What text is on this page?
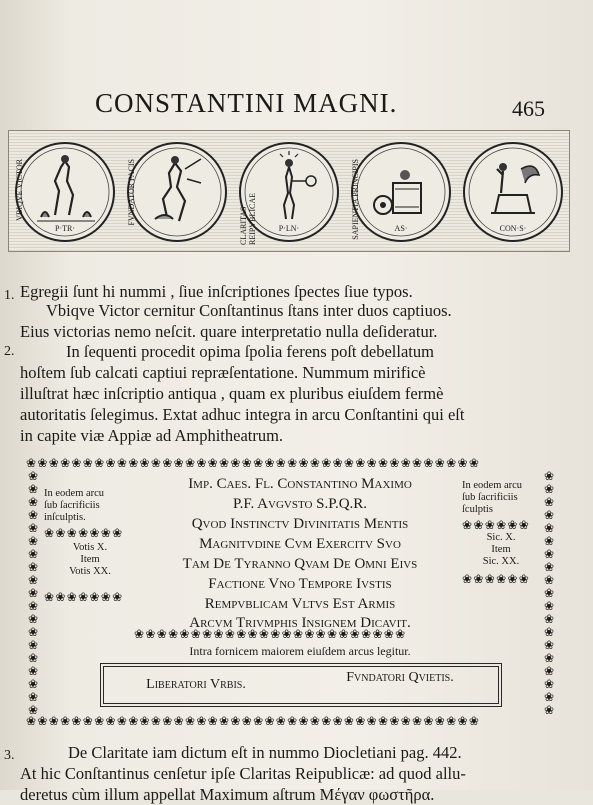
CONSTANTINI MAGNI.	465
VBIQVE VICTOR
P·TR·
FVNDATOR PACIS
CLARITAS REIPVBLICAE	P·LN·	SAPIENTIA PRINCIPIS	AS·	CON·S·
1. Egregii ſunt hi nummi , ſiue inſcriptiones ſpectes ſiue typos.
Vbiqve Victor cernitur Conſtantinus ſtans inter duos captiuos.
Eius victorias nemo neſcit. quare interpretatio nulla deſideratur.
2.	In ſequenti procedit opima ſpolia ferens poſt debellatum
hoſtem ſub calcati captiui repræſentatione. Nummum mirificè
illuſtrat hæc inſcriptio antiqua , quam ex pluribus eiuſdem fermè
autoritatis ſelegimus. Extat adhuc integra in arcu Conſtantini qui eſt
in capite viæ Appiæ ad Amphitheatrum.
❀❀❀❀❀❀❀❀❀❀❀❀❀❀❀❀❀❀❀❀❀❀❀❀❀❀❀❀❀❀❀❀❀❀❀❀❀❀❀❀
❀
❀
❀
❀
❀
❀
❀
❀
❀
❀
❀
❀
❀
❀
❀
❀
❀
❀
❀
❀
❀
❀
❀
❀
❀
❀
❀
❀
❀
❀
❀
❀
❀
❀
❀
❀
❀
❀
❀❀❀❀❀❀❀❀❀❀❀❀❀❀❀❀❀❀❀❀❀❀❀❀❀❀❀❀❀❀❀❀❀❀❀❀❀❀❀❀
❀❀❀❀❀❀❀❀❀❀❀❀❀❀❀❀❀❀❀❀❀❀❀❀
In eodem arcu
ſub ſacrificiis
inſculptis.
❀❀❀❀❀❀❀
Votis X.
Item
Votis XX.
❀❀❀❀❀❀❀
In eodem arcu
ſub ſacrificiis
ſculptis
❀❀❀❀❀❀
Sic. X.
Item
Sic. XX.
❀❀❀❀❀❀
Imp. Caes. Fl. Constantino Maximo
P.F. Avgvsto S.P.Q.R.
Qvod Instinctv Divinitatis Mentis
Magnitvdine Cvm Exercitv Svo
Tam De Tyranno Qvam De Omni Eivs
Factione Vno Tempore Ivstis
Rempvblicam Vltvs Est Armis
Arcvm Trivmphis Insignem Dicavit.
Intra fornicem maiorem eiuſdem arcus legitur.
Liberatori Vrbis.	Fvndatori Qvietis.
3.	De Claritate iam dictum eſt in nummo Diocletiani pag. 442.
At hic Conſtantinus cenſetur ipſe Claritas Reipublicæ: ad quod allu-
deretus cùm illum appellat Maximum aſtrum Μέγαν φωστῆρα.
